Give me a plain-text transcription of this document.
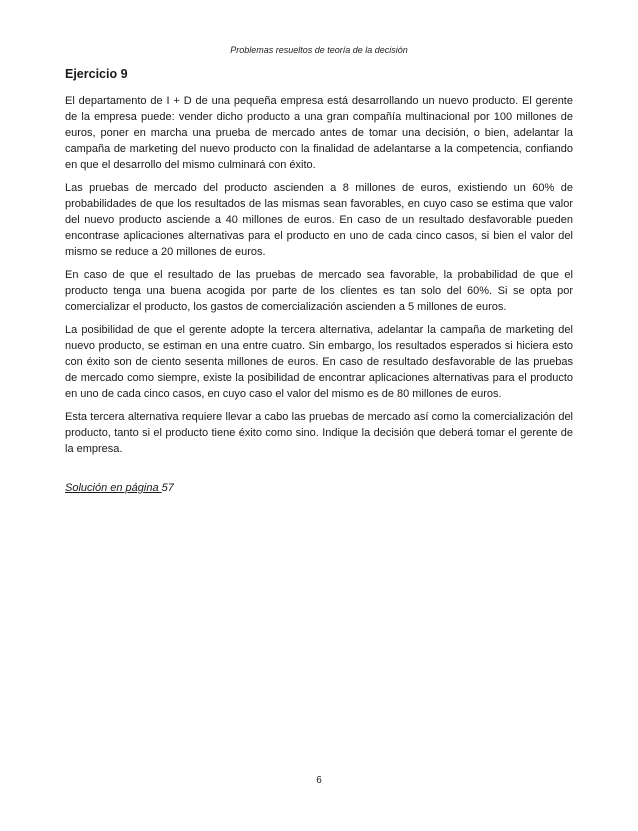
Problemas resueltos de teoría de la decisión
Ejercicio 9

El departamento de I + D de una pequeña empresa está desarrollando un nuevo producto. El gerente de la empresa puede: vender dicho producto a una gran compañía multinacional por 100 millones de euros, poner en marcha una prueba de mercado antes de tomar una decisión, o bien, adelantar la campaña de marketing del nuevo producto con la finalidad de adelantarse a la competencia, confiando en que el desarrollo del mismo culminará con éxito.

Las pruebas de mercado del producto ascienden a 8 millones de euros, existiendo un 60% de probabilidades de que los resultados de las mismas sean favorables, en cuyo caso se estima que valor del nuevo producto asciende a 40 millones de euros. En caso de un resultado desfavorable pueden encontrase aplicaciones alternativas para el producto en uno de cada cinco casos, si bien el valor del mismo se reduce a 20 millones de euros.

En caso de que el resultado de las pruebas de mercado sea favorable, la probabilidad de que el producto tenga una buena acogida por parte de los clientes es tan solo del 60%. Si se opta por comercializar el producto, los gastos de comercialización ascienden a 5 millones de euros.

La posibilidad de que el gerente adopte la tercera alternativa, adelantar la campaña de marketing del nuevo producto, se estiman en una entre cuatro. Sin embargo, los resultados esperados si hiciera esto con éxito son de ciento sesenta millones de euros. En caso de resultado desfavorable de las pruebas de mercado como siempre, existe la posibilidad de encontrar aplicaciones alternativas para el producto en uno de cada cinco casos, en cuyo caso el valor del mismo es de 80 millones de euros.

Esta tercera alternativa requiere llevar a cabo las pruebas de mercado así como la comercialización del producto, tanto si el producto tiene éxito como sino. Indique la decisión que deberá tomar el gerente de la empresa.

Solución en página 57
6
